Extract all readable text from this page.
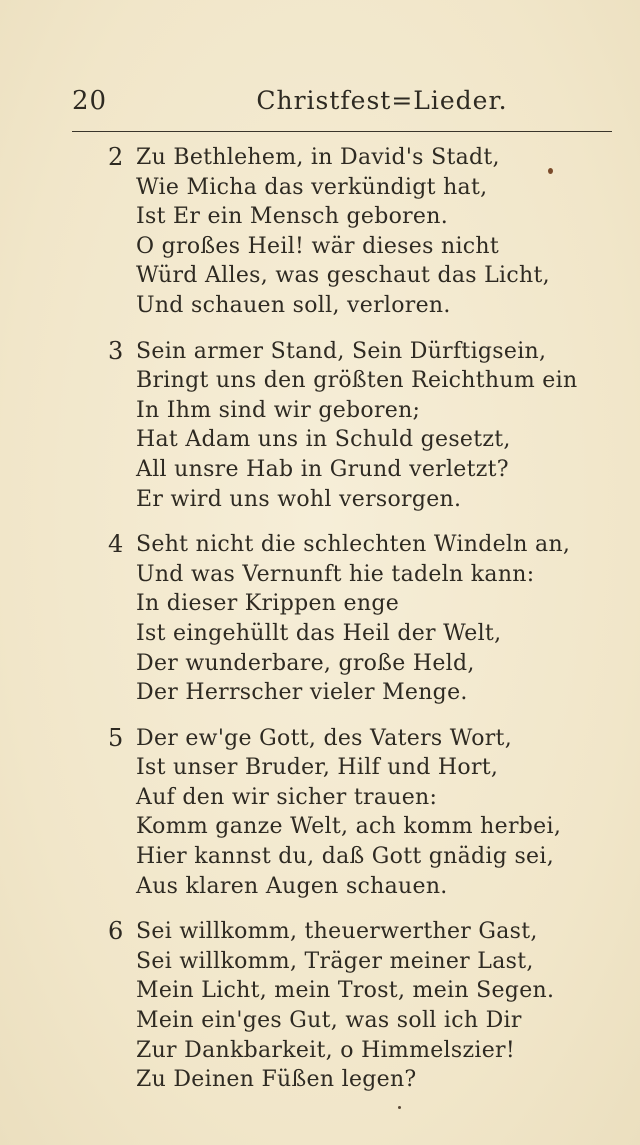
20	Christfest=Lieder.
2 Zu Bethlehem, in David's Stadt,
Wie Micha das verkündigt hat,
Ist Er ein Mensch geboren.
O großes Heil! wär dieses nicht
Würd Alles, was geschaut das Licht,
Und schauen soll, verloren.
3 Sein armer Stand, Sein Dürftigsein,
Bringt uns den größten Reichthum ein
In Ihm sind wir geboren;
Hat Adam uns in Schuld gesetzt,
All unsre Hab in Grund verletzt?
Er wird uns wohl versorgen.
4 Seht nicht die schlechten Windeln an,
Und was Vernunft hie tadeln kann:
In dieser Krippen enge
Ist eingehüllt das Heil der Welt,
Der wunderbare, große Held,
Der Herrscher vieler Menge.
5 Der ew'ge Gott, des Vaters Wort,
Ist unser Bruder, Hilf und Hort,
Auf den wir sicher trauen:
Komm ganze Welt, ach komm herbei,
Hier kannst du, daß Gott gnädig sei,
Aus klaren Augen schauen.
6 Sei willkomm, theuerwerther Gast,
Sei willkomm, Träger meiner Last,
Mein Licht, mein Trost, mein Segen.
Mein ein'ges Gut, was soll ich Dir
Zur Dankbarkeit, o Himmelszier!
Zu Deinen Füßen legen?
